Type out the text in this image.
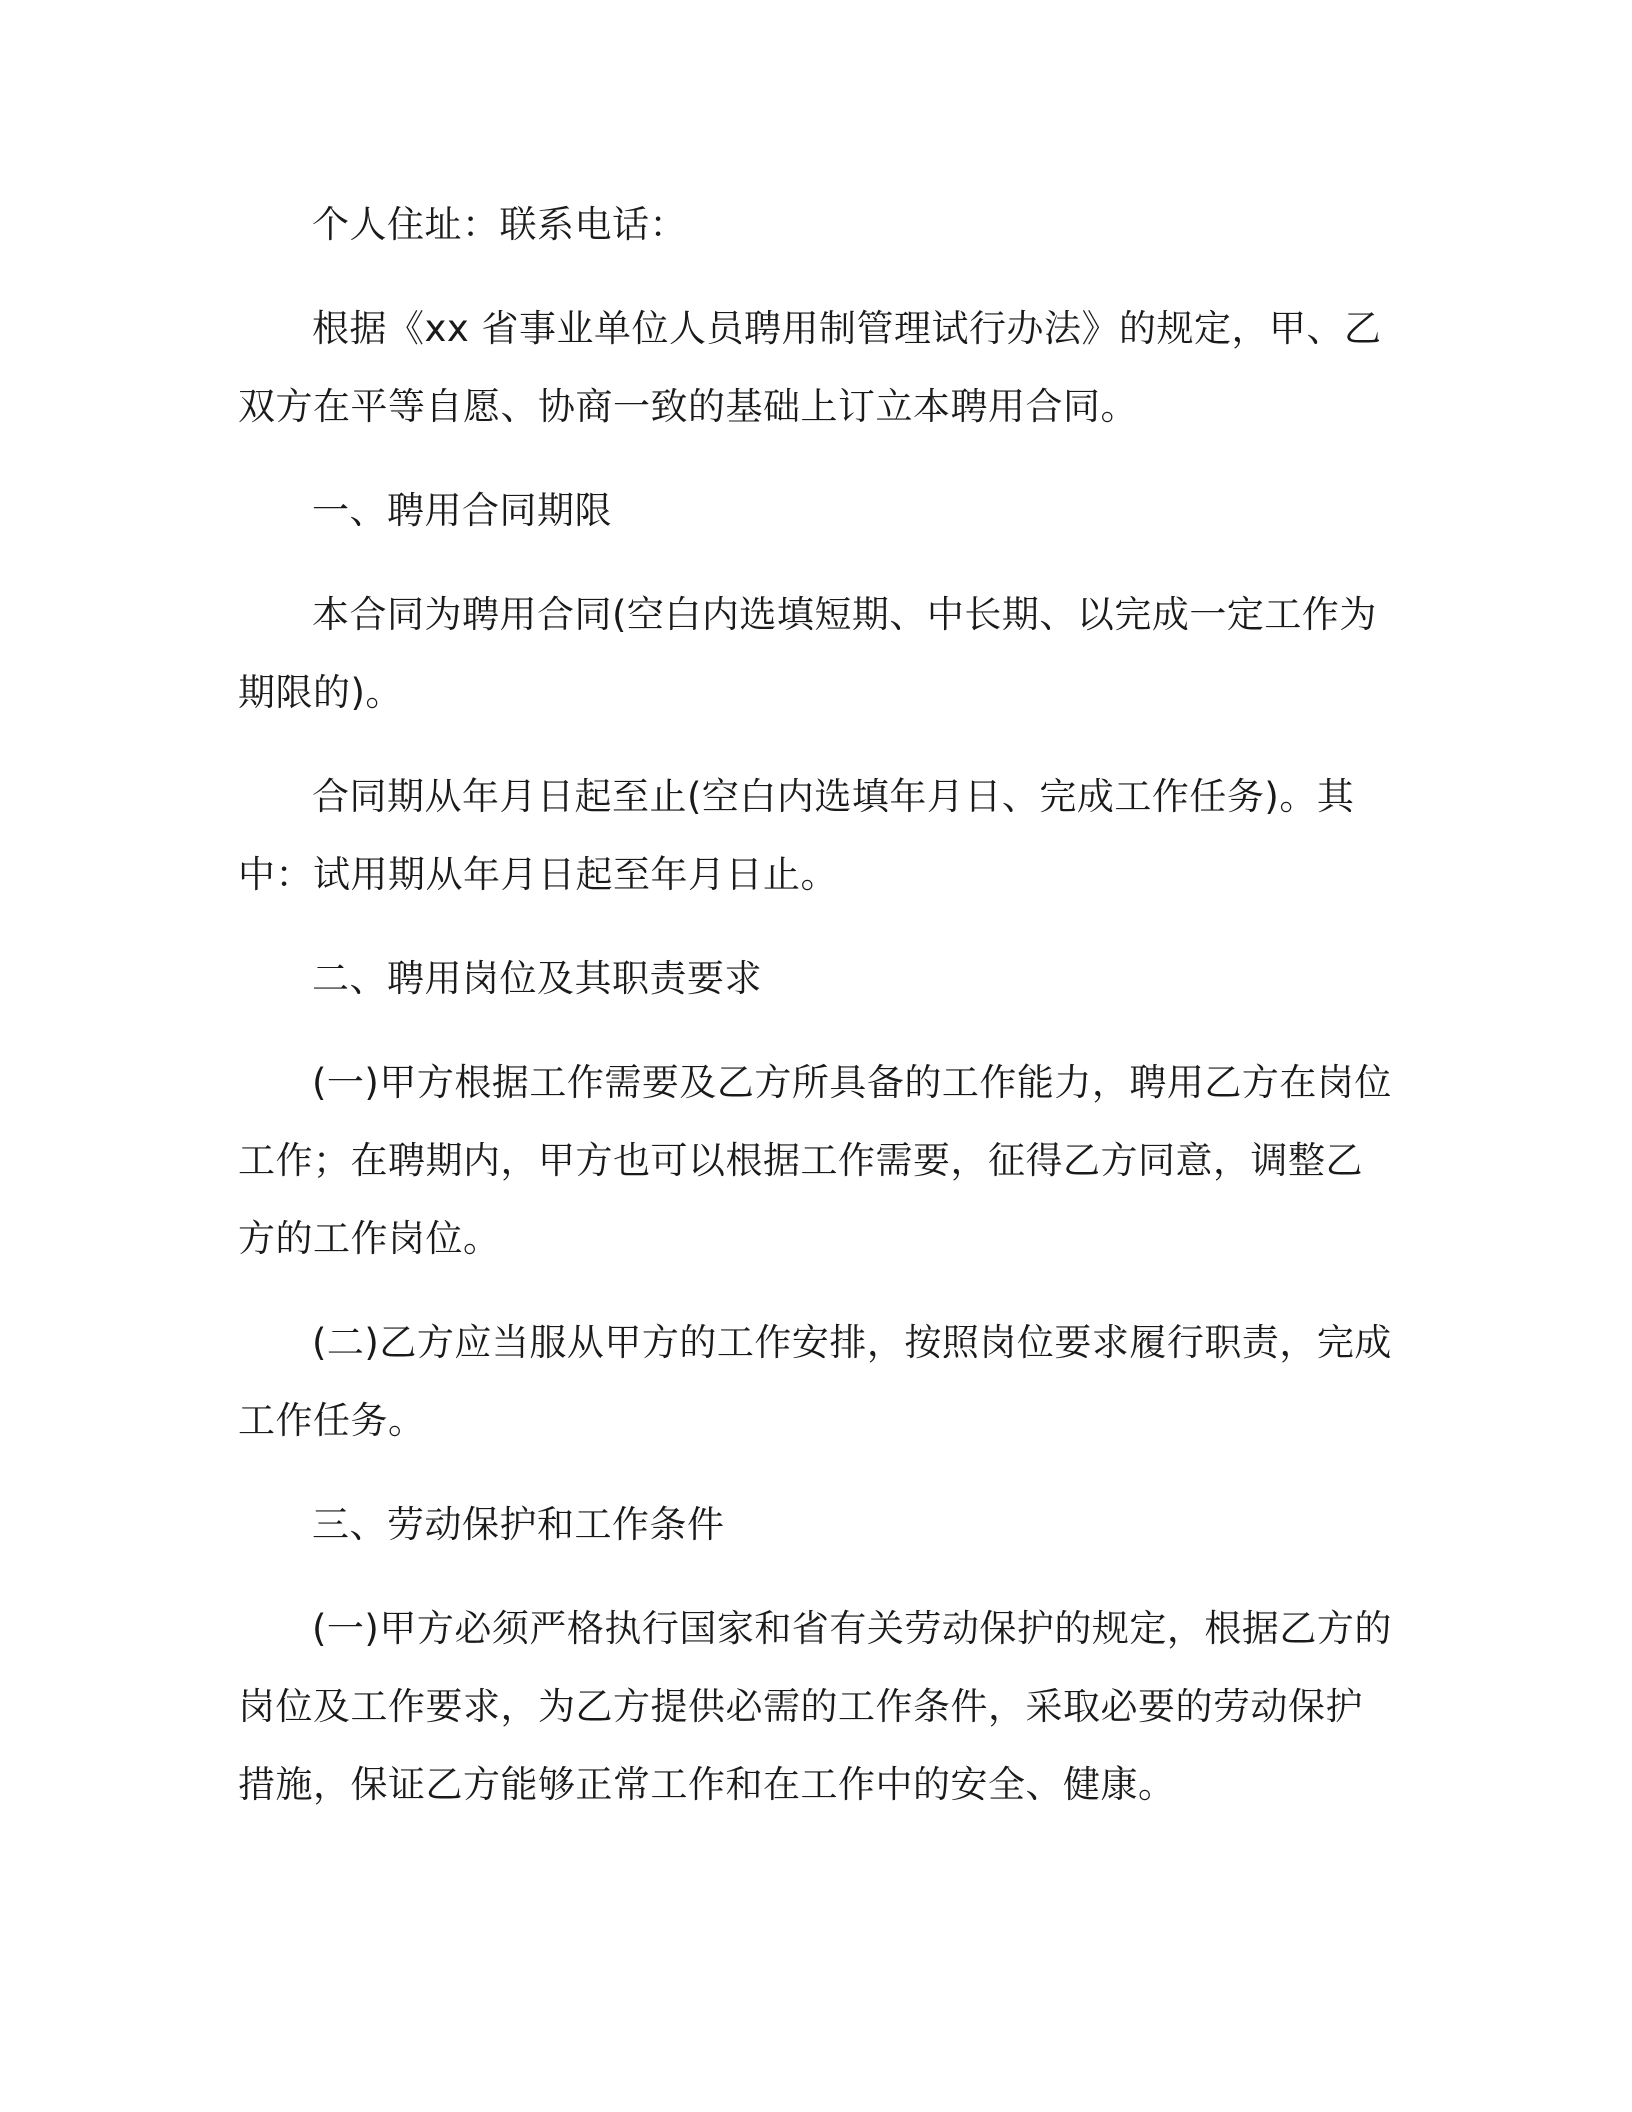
个人住址：联系电话：

根据《xx 省事业单位人员聘用制管理试行办法》的规定，甲、乙双方在平等自愿、协商一致的基础上订立本聘用合同。

一、聘用合同期限

本合同为聘用合同(空白内选填短期、中长期、以完成一定工作为期限的)。

合同期从年月日起至止(空白内选填年月日、完成工作任务)。其中：试用期从年月日起至年月日止。

二、聘用岗位及其职责要求

(一)甲方根据工作需要及乙方所具备的工作能力，聘用乙方在岗位工作；在聘期内，甲方也可以根据工作需要，征得乙方同意，调整乙方的工作岗位。

(二)乙方应当服从甲方的工作安排，按照岗位要求履行职责，完成工作任务。

三、劳动保护和工作条件

(一)甲方必须严格执行国家和省有关劳动保护的规定，根据乙方的岗位及工作要求，为乙方提供必需的工作条件，采取必要的劳动保护措施，保证乙方能够正常工作和在工作中的安全、健康。
